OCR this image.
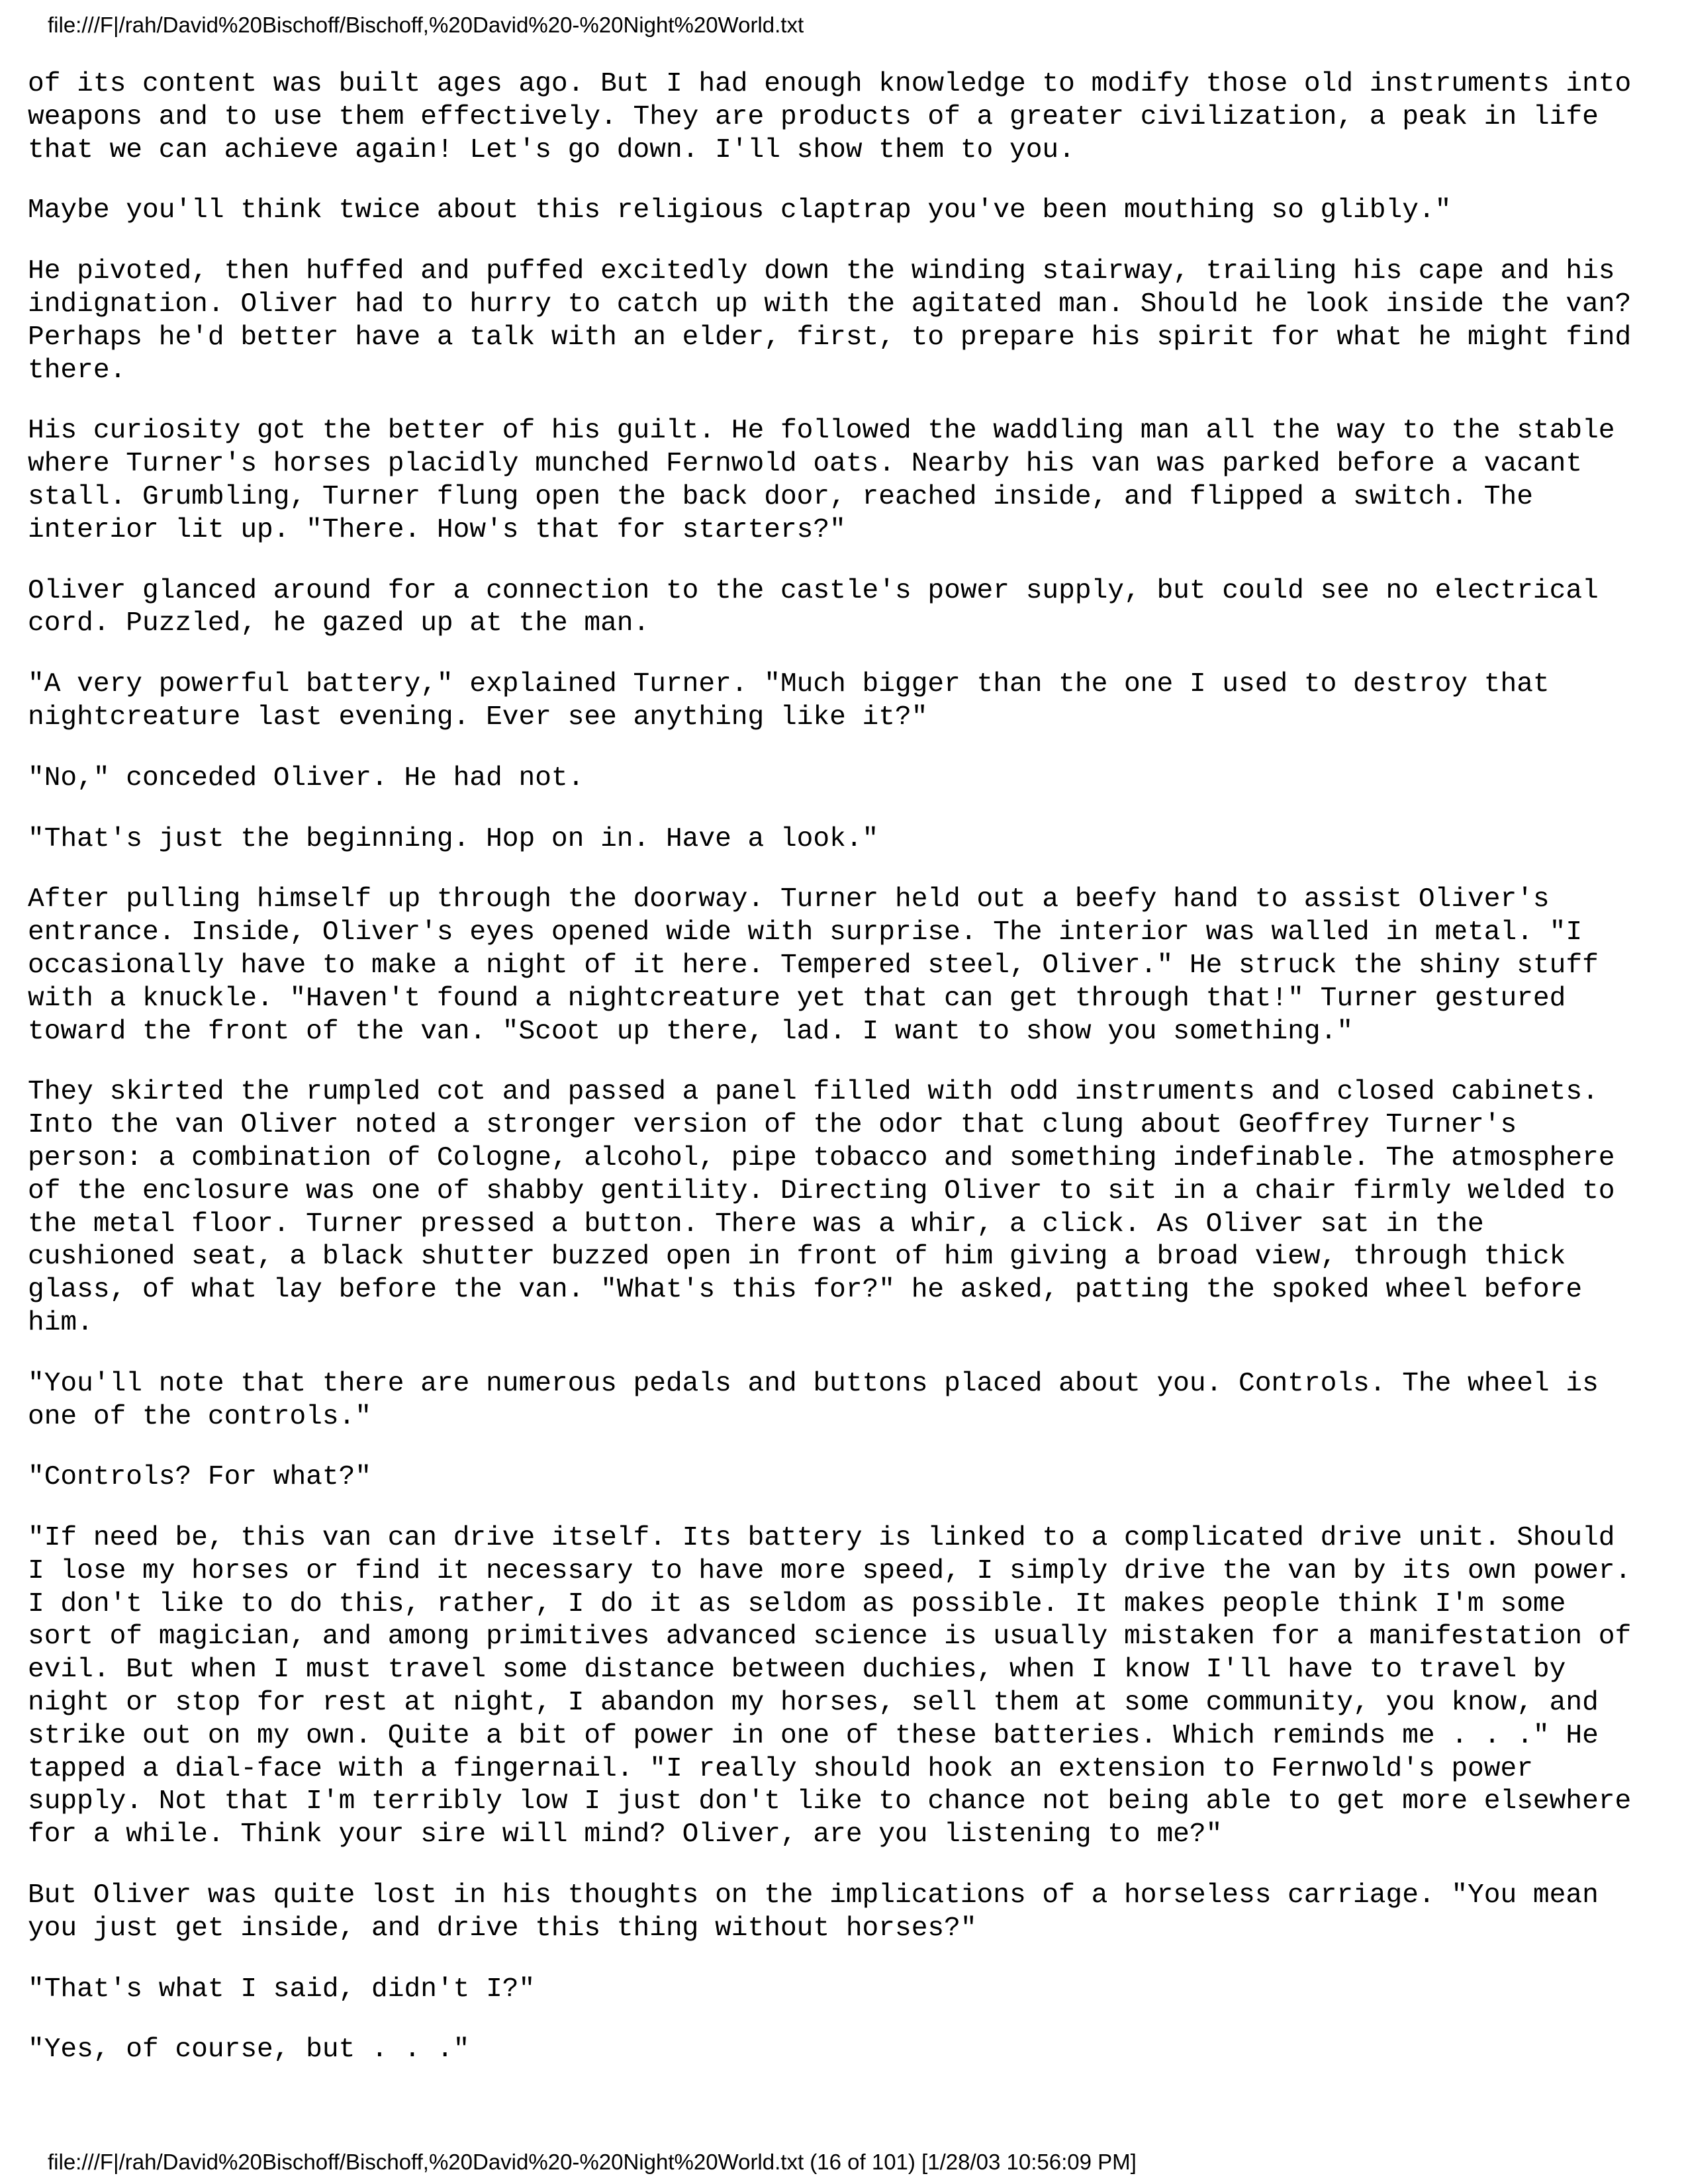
file:///F|/rah/David%20Bischoff/Bischoff,%20David%20-%20Night%20World.txt

of its content was built ages ago. But I had enough knowledge to modify those old instruments into
weapons and to use them effectively. They are products of a greater civilization, a peak in life
that we can achieve again! Let's go down. I'll show them to you.

Maybe you'll think twice about this religious claptrap you've been mouthing so glibly."

He pivoted, then huffed and puffed excitedly down the winding stairway, trailing his cape and his
indignation. Oliver had to hurry to catch up with the agitated man. Should he look inside the van?
Perhaps he'd better have a talk with an elder, first, to prepare his spirit for what he might find
there.

His curiosity got the better of his guilt. He followed the waddling man all the way to the stable
where Turner's horses placidly munched Fernwold oats. Nearby his van was parked before a vacant
stall. Grumbling, Turner flung open the back door, reached inside, and flipped a switch. The
interior lit up. "There. How's that for starters?"

Oliver glanced around for a connection to the castle's power supply, but could see no electrical
cord. Puzzled, he gazed up at the man.

"A very powerful battery," explained Turner. "Much bigger than the one I used to destroy that
nightcreature last evening. Ever see anything like it?"

"No," conceded Oliver. He had not.

"That's just the beginning. Hop on in. Have a look."

After pulling himself up through the doorway. Turner held out a beefy hand to assist Oliver's
entrance. Inside, Oliver's eyes opened wide with surprise. The interior was walled in metal. "I
occasionally have to make a night of it here. Tempered steel, Oliver." He struck the shiny stuff
with a knuckle. "Haven't found a nightcreature yet that can get through that!" Turner gestured
toward the front of the van. "Scoot up there, lad. I want to show you something."

They skirted the rumpled cot and passed a panel filled with odd instruments and closed cabinets.
Into the van Oliver noted a stronger version of the odor that clung about Geoffrey Turner's
person: a combination of Cologne, alcohol, pipe tobacco and something indefinable. The atmosphere
of the enclosure was one of shabby gentility. Directing Oliver to sit in a chair firmly welded to
the metal floor. Turner pressed a button. There was a whir, a click. As Oliver sat in the
cushioned seat, a black shutter buzzed open in front of him giving a broad view, through thick
glass, of what lay before the van. "What's this for?" he asked, patting the spoked wheel before
him.

"You'll note that there are numerous pedals and buttons placed about you. Controls. The wheel is
one of the controls."

"Controls? For what?"

"If need be, this van can drive itself. Its battery is linked to a complicated drive unit. Should
I lose my horses or find it necessary to have more speed, I simply drive the van by its own power.
I don't like to do this, rather, I do it as seldom as possible. It makes people think I'm some
sort of magician, and among primitives advanced science is usually mistaken for a manifestation of
evil. But when I must travel some distance between duchies, when I know I'll have to travel by
night or stop for rest at night, I abandon my horses, sell them at some community, you know, and
strike out on my own. Quite a bit of power in one of these batteries. Which reminds me . . ." He
tapped a dial-face with a fingernail. "I really should hook an extension to Fernwold's power
supply. Not that I'm terribly low I just don't like to chance not being able to get more elsewhere
for a while. Think your sire will mind? Oliver, are you listening to me?"

But Oliver was quite lost in his thoughts on the implications of a horseless carriage. "You mean
you just get inside, and drive this thing without horses?"

"That's what I said, didn't I?"

"Yes, of course, but . . ."

file:///F|/rah/David%20Bischoff/Bischoff,%20David%20-%20Night%20World.txt (16 of 101) [1/28/03 10:56:09 PM]
